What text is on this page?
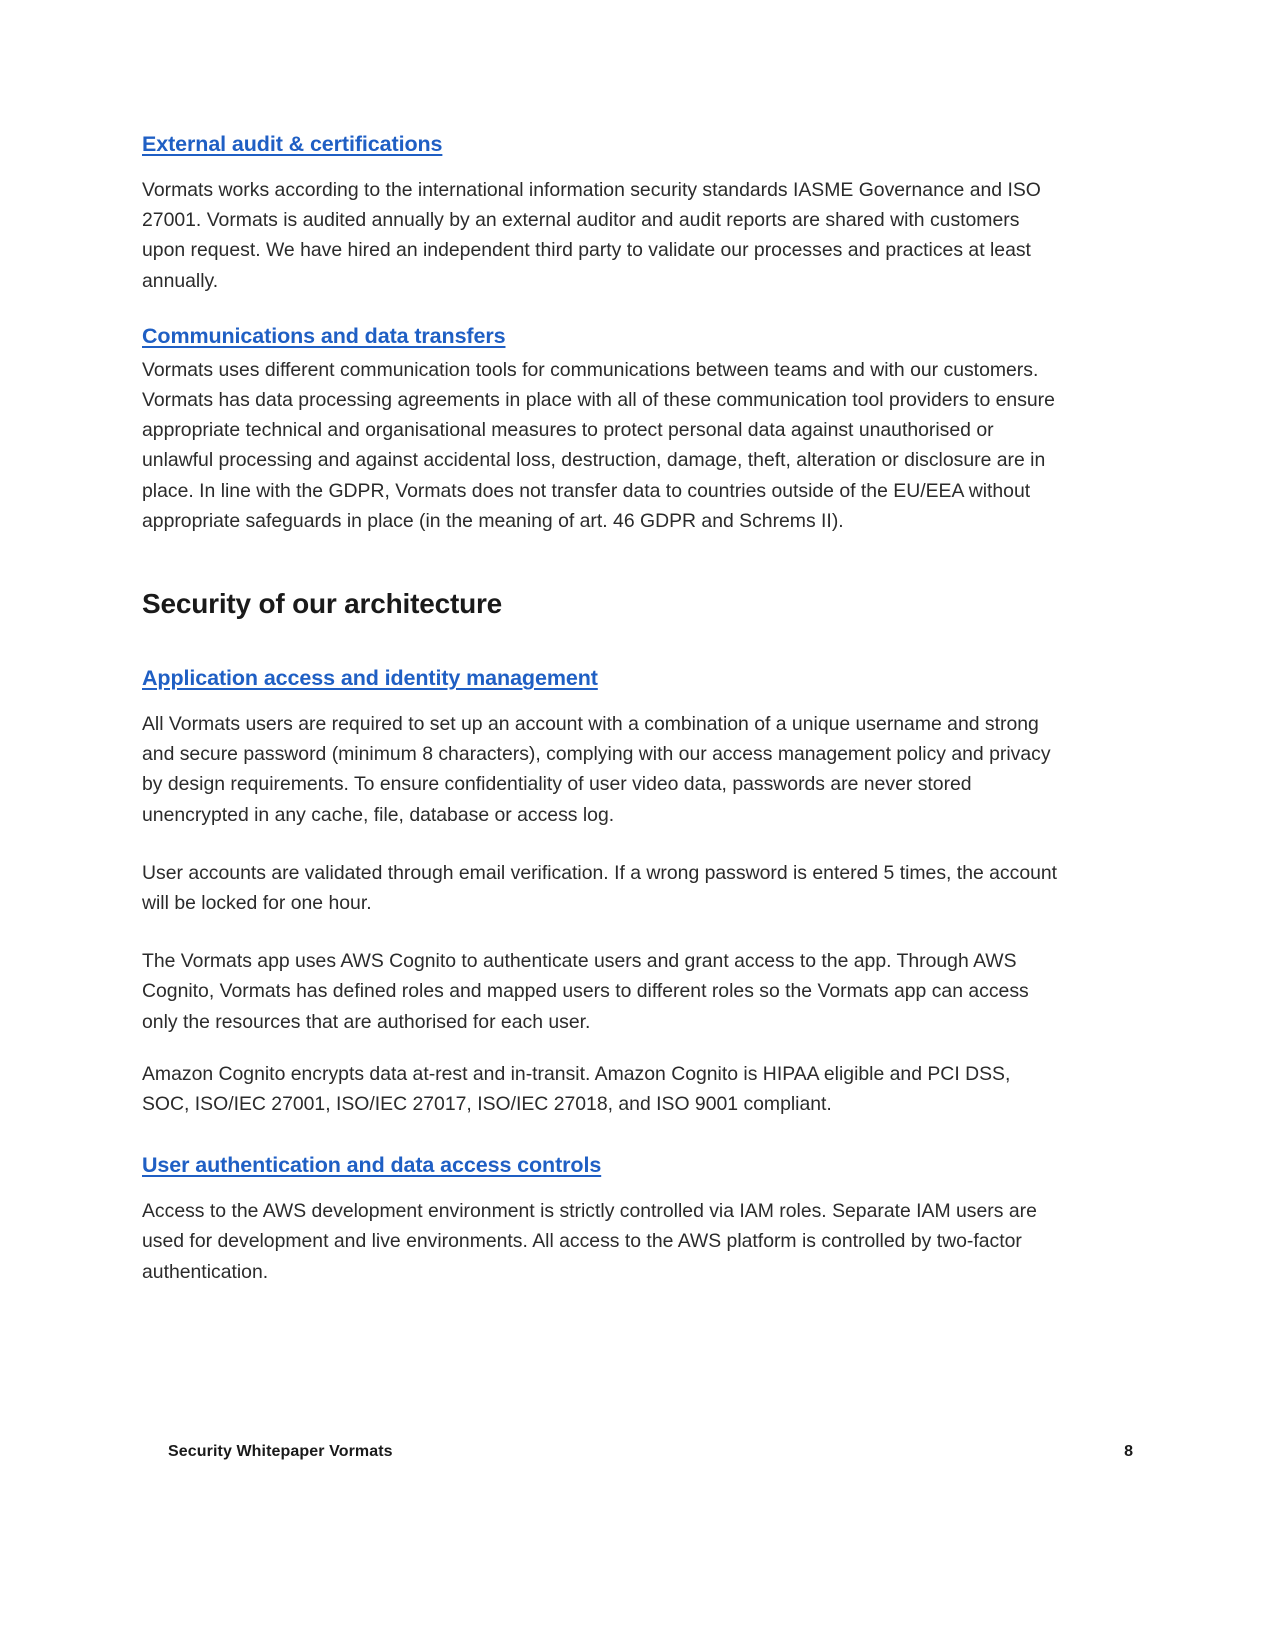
External audit & certifications

Vormats works according to the international information security standards IASME Governance and ISO 27001. Vormats is audited annually by an external auditor and audit reports are shared with customers upon request. We have hired an independent third party to validate our processes and practices at least annually.

Communications and data transfers

Vormats uses different communication tools for communications between teams and with our customers. Vormats has data processing agreements in place with all of these communication tool providers to ensure appropriate technical and organisational measures to protect personal data against unauthorised or unlawful processing and against accidental loss, destruction, damage, theft, alteration or disclosure are in place. In line with the GDPR, Vormats does not transfer data to countries outside of the EU/EEA without appropriate safeguards in place (in the meaning of art. 46 GDPR and Schrems II).

Security of our architecture
Application access and identity management

All Vormats users are required to set up an account with a combination of a unique username and strong and secure password (minimum 8 characters), complying with our access management policy and privacy by design requirements. To ensure confidentiality of user video data, passwords are never stored unencrypted in any cache, file, database or access log.

User accounts are validated through email verification. If a wrong password is entered 5 times, the account will be locked for one hour.

The Vormats app uses AWS Cognito to authenticate users and grant access to the app. Through AWS Cognito, Vormats has defined roles and mapped users to different roles so the Vormats app can access only the resources that are authorised for each user.

Amazon Cognito encrypts data at-rest and in-transit. Amazon Cognito is HIPAA eligible and PCI DSS, SOC, ISO/IEC 27001, ISO/IEC 27017, ISO/IEC 27018, and ISO 9001 compliant.

User authentication and data access controls

Access to the AWS development environment is strictly controlled via IAM roles. Separate IAM users are used for development and live environments. All access to the AWS platform is controlled by two-factor authentication.

Security Whitepaper Vormats	8
